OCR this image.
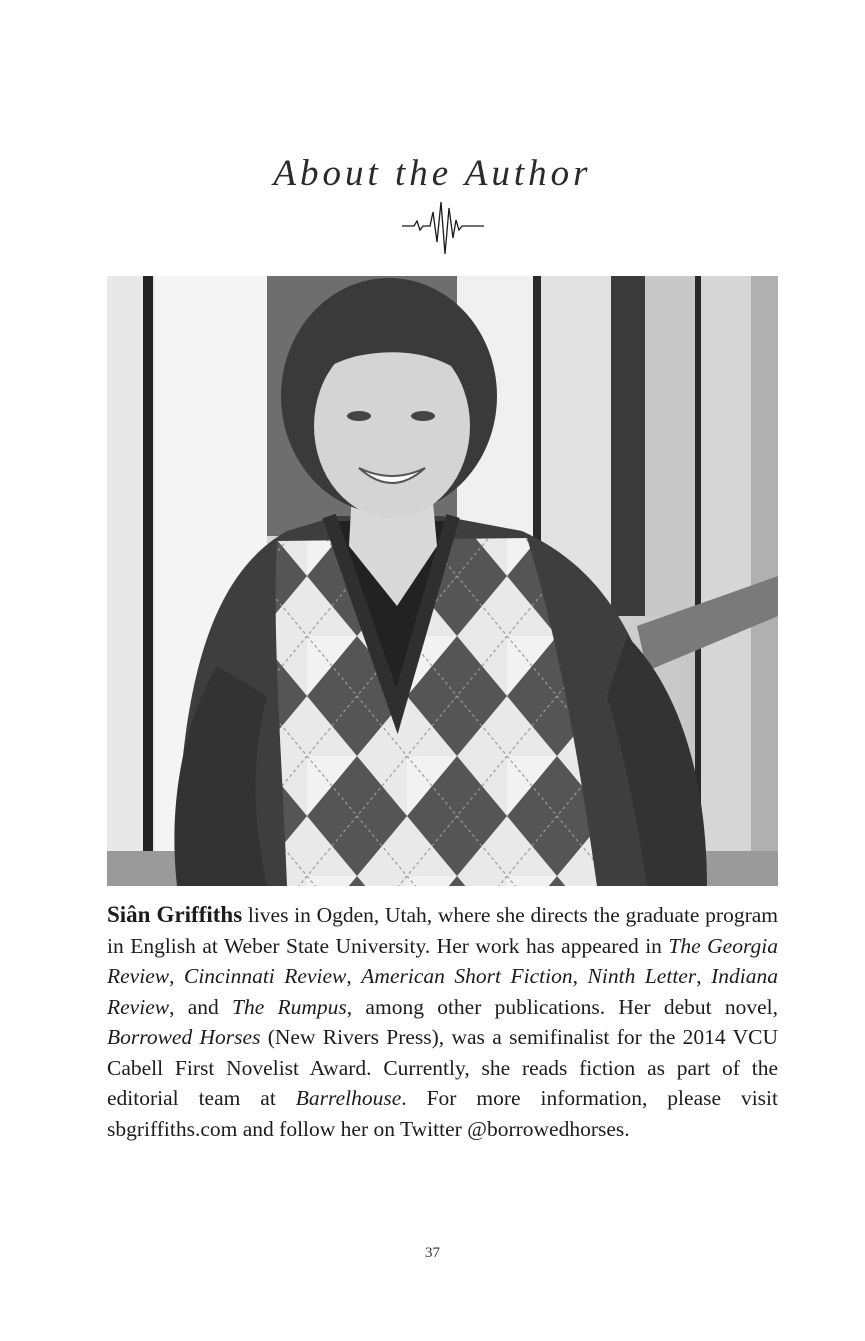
About the Author

Siân Griffiths lives in Ogden, Utah, where she directs the graduate program in English at Weber State University. Her work has appeared in The Georgia Review, Cincinnati Review, American Short Fiction, Ninth Letter, Indiana Review, and The Rumpus, among other publications. Her debut novel, Borrowed Horses (New Rivers Press), was a semifinalist for the 2014 VCU Cabell First Novelist Award. Currently, she reads fiction as part of the editorial team at Barrelhouse. For more information, please visit sbgriffiths.com and follow her on Twitter @borrowedhorses.

37
